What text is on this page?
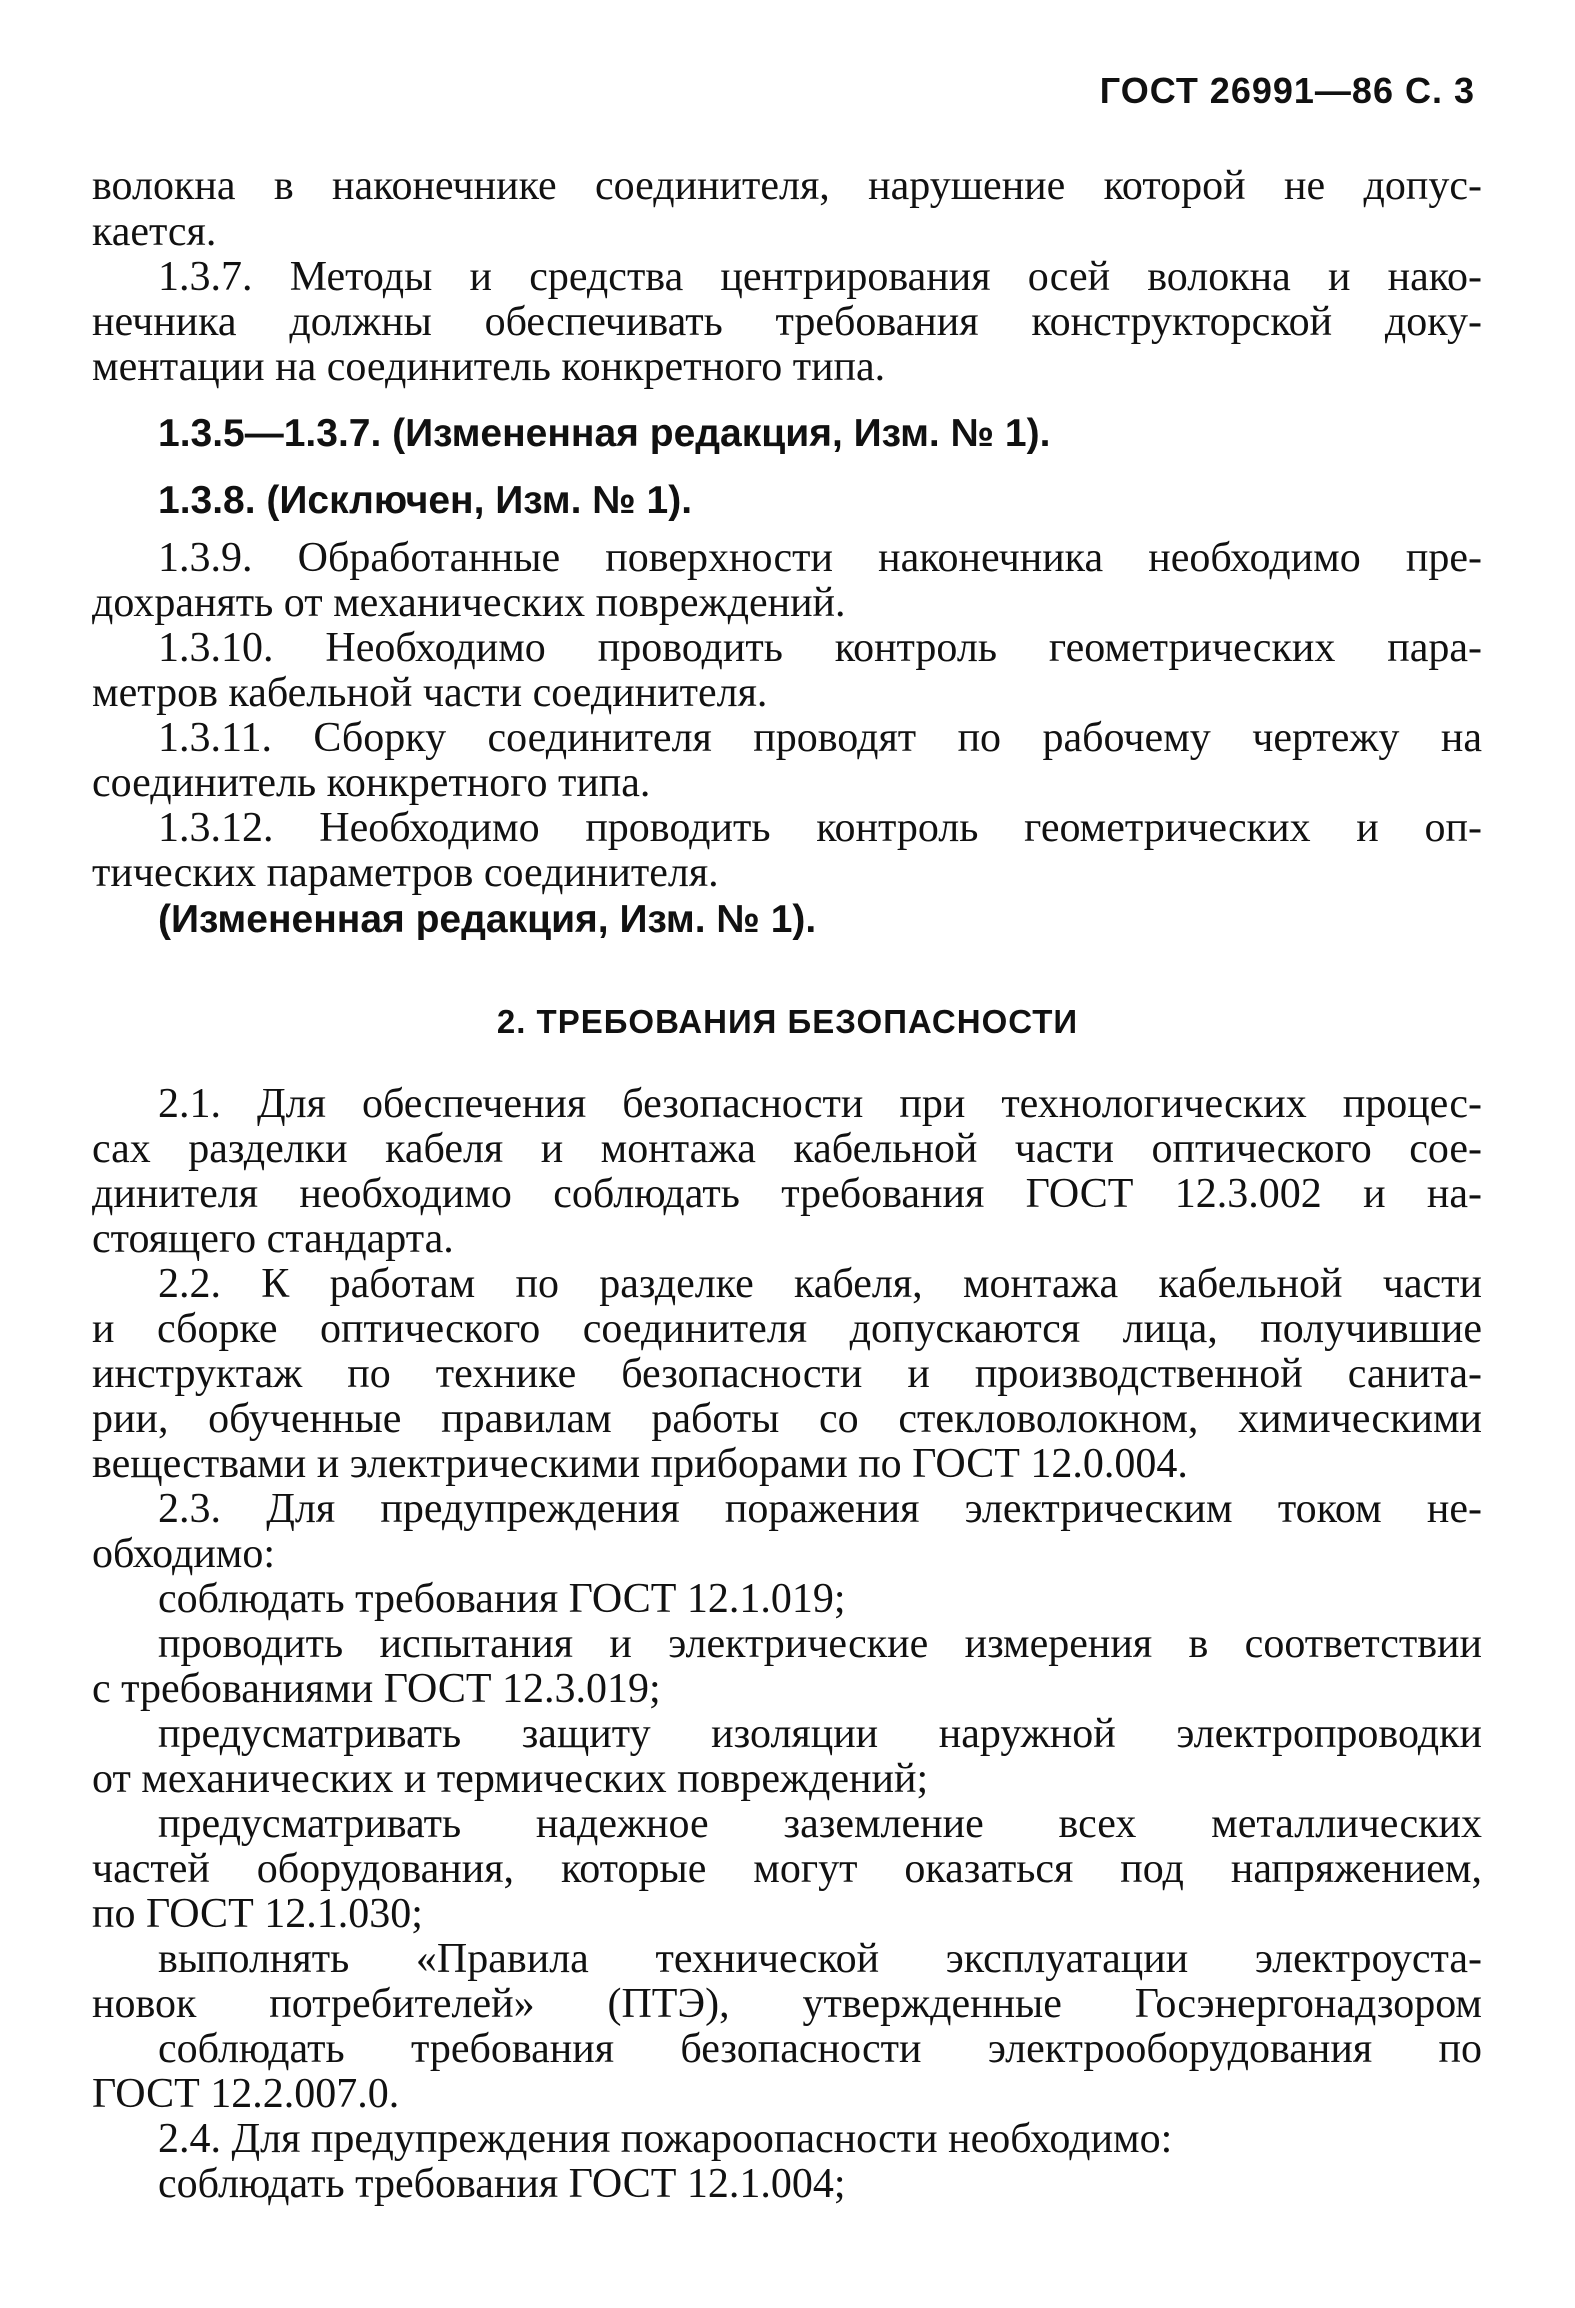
ГОСТ 26991—86 С. 3
волокна в наконечнике соединителя, нарушение которой не допус-
кается.
1.3.7. Методы и средства центрирования осей волокна и нако-
нечника должны обеспечивать требования конструкторской доку-
ментации на соединитель конкретного типа.
1.3.5—1.3.7. (Измененная редакция, Изм. № 1).
1.3.8. (Исключен, Изм. № 1).
1.3.9. Обработанные поверхности наконечника необходимо пре-
дохранять от механических повреждений.
1.3.10. Необходимо проводить контроль геометрических пара-
метров кабельной части соединителя.
1.3.11. Сборку соединителя проводят по рабочему чертежу на
соединитель конкретного типа.
1.3.12. Необходимо проводить контроль геометрических и оп-
тических параметров соединителя.
(Измененная редакция, Изм. № 1).
2. ТРЕБОВАНИЯ БЕЗОПАСНОСТИ
2.1. Для обеспечения безопасности при технологических процес-
сах разделки кабеля и монтажа кабельной части оптического сое-
динителя необходимо соблюдать требования ГОСТ 12.3.002 и на-
стоящего стандарта.
2.2. К работам по разделке кабеля, монтажа кабельной части
и сборке оптического соединителя допускаются лица, получившие
инструктаж по технике безопасности и производственной санита-
рии, обученные правилам работы со стекловолокном, химическими
веществами и электрическими приборами по ГОСТ 12.0.004.
2.3. Для предупреждения поражения электрическим током не-
обходимо:
соблюдать требования ГОСТ 12.1.019;
проводить испытания и электрические измерения в соответствии
с требованиями ГОСТ 12.3.019;
предусматривать защиту изоляции наружной электропроводки
от механических и термических повреждений;
предусматривать надежное заземление всех металлических
частей оборудования, которые могут оказаться под напряжением,
по ГОСТ 12.1.030;
выполнять «Правила технической эксплуатации электроуста-
новок потребителей» (ПТЭ), утвержденные Госэнергонадзором
соблюдать требования безопасности электрооборудования по
ГОСТ 12.2.007.0.
2.4. Для предупреждения пожароопасности необходимо:
соблюдать требования ГОСТ 12.1.004;
